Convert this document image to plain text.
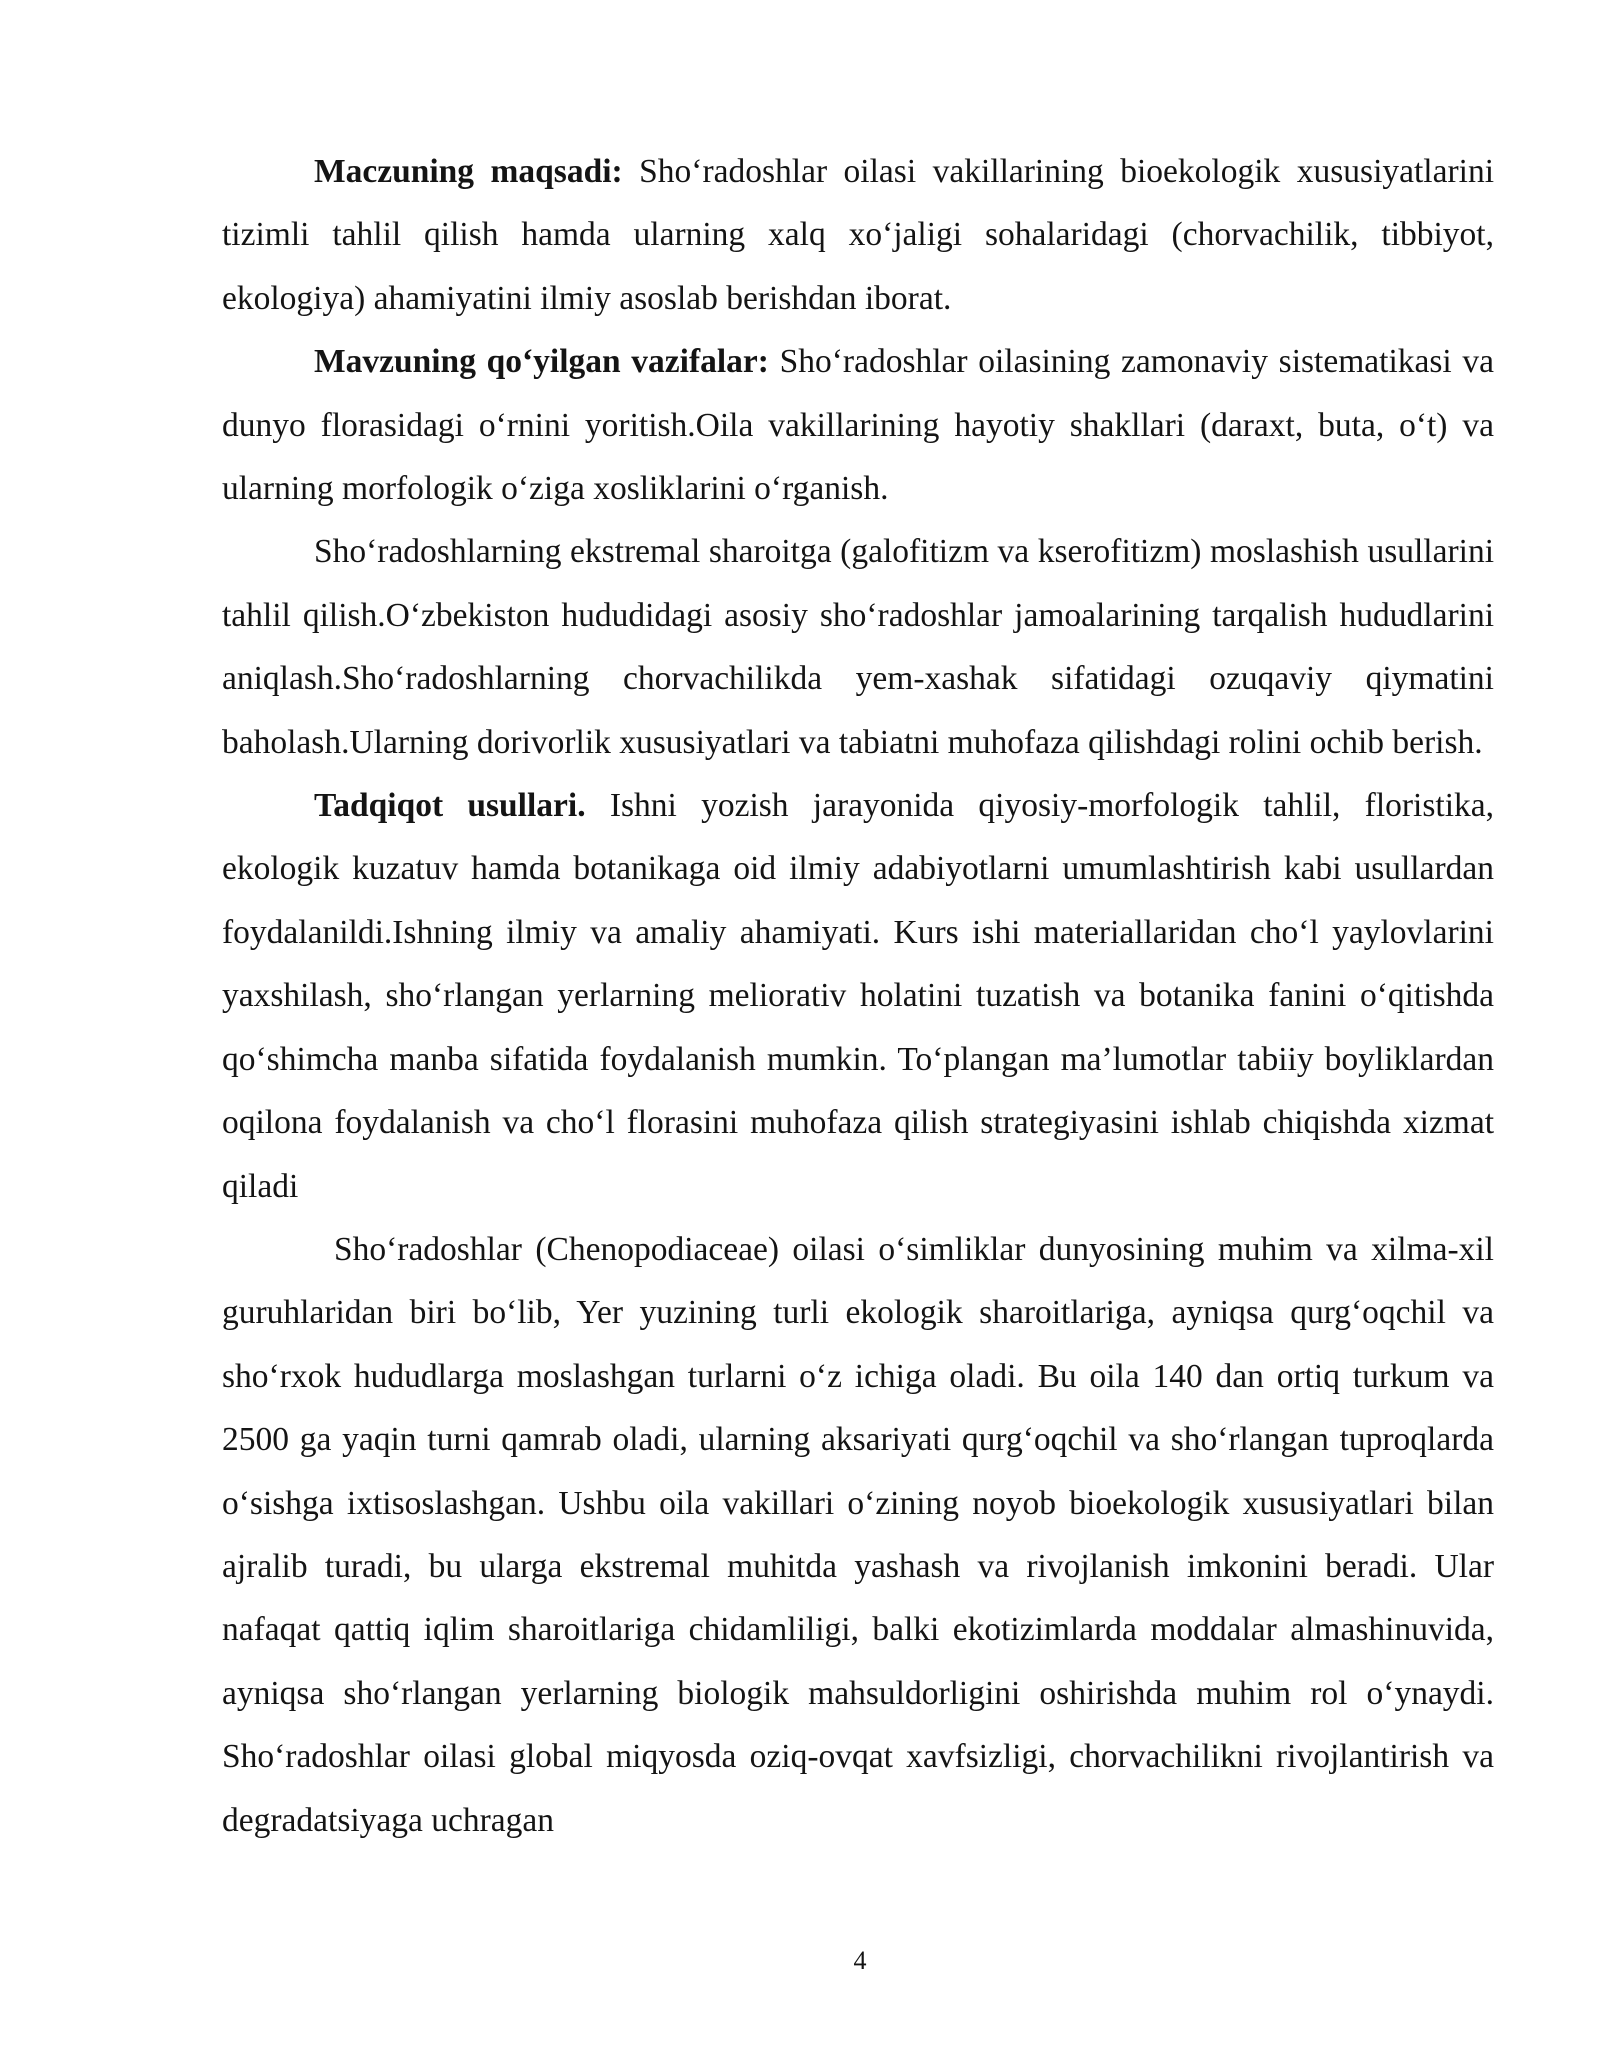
Maczuning maqsadi: Sho‘radoshlar oilasi vakillarining bioekologik xususiyatlarini tizimli tahlil qilish hamda ularning xalq xo‘jaligi sohalaridagi (chorvachilik, tibbiyot, ekologiya) ahamiyatini ilmiy asoslab berishdan iborat.

Mavzuning qo‘yilgan vazifalar: Sho‘radoshlar oilasining zamonaviy sistematikasi va dunyo florasidagi o‘rnini yoritish.Oila vakillarining hayotiy shakllari (daraxt, buta, o‘t) va ularning morfologik o‘ziga xosliklarini o‘rganish.

Sho‘radoshlarning ekstremal sharoitga (galofitizm va kserofitizm) moslashish usullarini tahlil qilish.O‘zbekiston hududidagi asosiy sho‘radoshlar jamoalarining tarqalish hududlarini aniqlash.Sho‘radoshlarning chorvachilikda yem-xashak sifatidagi ozuqaviy qiymatini baholash.Ularning dorivorlik xususiyatlari va tabiatni muhofaza qilishdagi rolini ochib berish.

Tadqiqot usullari. Ishni yozish jarayonida qiyosiy-morfologik tahlil, floristika, ekologik kuzatuv hamda botanikaga oid ilmiy adabiyotlarni umumlashtirish kabi usullardan foydalanildi.Ishning ilmiy va amaliy ahamiyati. Kurs ishi materiallaridan cho‘l yaylovlarini yaxshilash, sho‘rlangan yerlarning meliorativ holatini tuzatish va botanika fanini o‘qitishda qo‘shimcha manba sifatida foydalanish mumkin. To‘plangan ma’lumotlar tabiiy boyliklardan oqilona foydalanish va cho‘l florasini muhofaza qilish strategiyasini ishlab chiqishda xizmat qiladi

Sho‘radoshlar (Chenopodiaceae) oilasi o‘simliklar dunyosining muhim va xilma-xil guruhlaridan biri bo‘lib, Yer yuzining turli ekologik sharoitlariga, ayniqsa qurg‘oqchil va sho‘rxok hududlarga moslashgan turlarni o‘z ichiga oladi. Bu oila 140 dan ortiq turkum va 2500 ga yaqin turni qamrab oladi, ularning aksariyati qurg‘oqchil va sho‘rlangan tuproqlarda o‘sishga ixtisoslashgan. Ushbu oila vakillari o‘zining noyob bioekologik xususiyatlari bilan ajralib turadi, bu ularga ekstremal muhitda yashash va rivojlanish imkonini beradi. Ular nafaqat qattiq iqlim sharoitlariga chidamliligi, balki ekotizimlarda moddalar almashinuvida, ayniqsa sho‘rlangan yerlarning biologik mahsuldorligini oshirishda muhim rol o‘ynaydi. Sho‘radoshlar oilasi global miqyosda oziq-ovqat xavfsizligi, chorvachilikni rivojlantirish va degradatsiyaga uchragan

4
